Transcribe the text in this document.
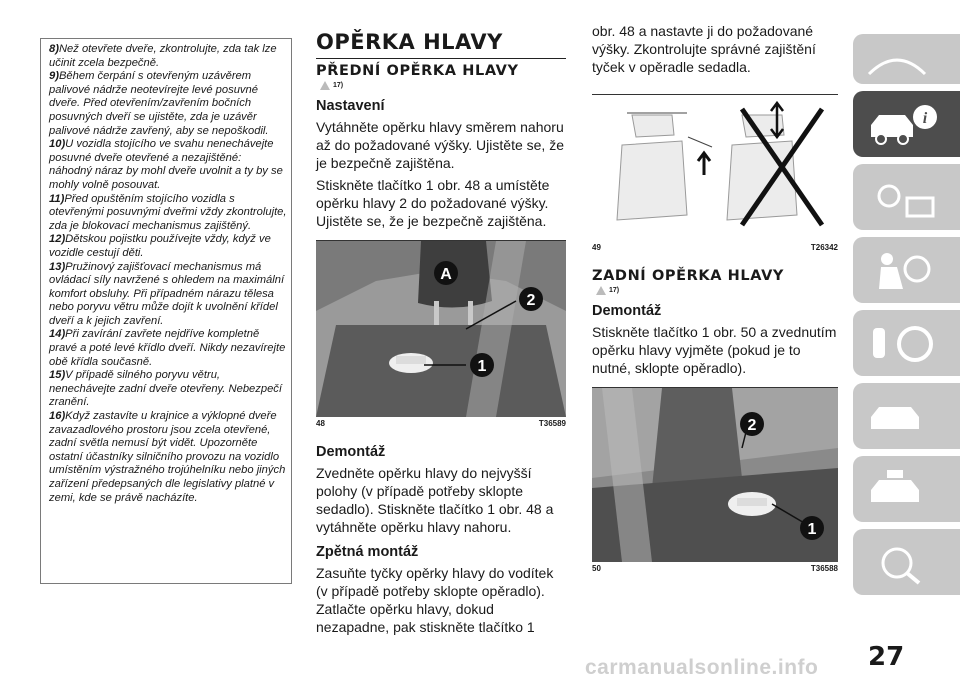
8)Než otevřete dveře, zkontrolujte, zda tak lze učinit zcela bezpečně.

9)Během čerpání s otevřeným uzávěrem palivové nádrže neotevírejte levé posuvné dveře. Před otevřením/zavřením bočních posuvných dveří se ujistěte, zda je uzávěr palivové nádrže zavřený, aby se nepoškodil.

10)U vozidla stojícího ve svahu nenechávejte posuvné dveře otevřené a nezajištěné: náhodný náraz by mohl dveře uvolnit a ty by se mohly volně posouvat.

11)Před opuštěním stojícího vozidla s otevřenými posuvnými dveřmi vždy zkontrolujte, zda je blokovací mechanismus zajištěný.

12)Dětskou pojistku používejte vždy, když ve vozidle cestují děti.

13)Pružinový zajišťovací mechanismus má ovládací síly navržené s ohledem na maximální komfort obsluhy. Při případném nárazu tělesa nebo poryvu větru může dojít k uvolnění křídel dveří a k jejich zavření.

14)Při zavírání zavřete nejdříve kompletně pravé a poté levé křídlo dveří. Nikdy nezavírejte obě křídla současně.

15)V případě silného poryvu větru, nenechávejte zadní dveře otevřeny. Nebezpečí zranění.

16)Když zastavíte u krajnice a výklopné dveře zavazadlového prostoru jsou zcela otevřené, zadní světla nemusí být vidět. Upozorněte ostatní účastníky silničního provozu na vozidlo umístěním výstražného trojúhelníku nebo jiných zařízení předepsaných dle legislativy platné v zemi, kde se právě nacházíte.

OPĚRKA HLAVY
PŘEDNÍ OPĚRKA HLAVY
17)
Nastavení

Vytáhněte opěrku hlavy směrem nahoru až do požadované výšky. Ujistěte se, že je bezpečně zajištěna.

Stiskněte tlačítko 1 obr. 48 a umístěte opěrku hlavy 2 do požadované výšky. Ujistěte se, že je bezpečně zajištěna.

A
2
1
48	T36589
Demontáž

Zvedněte opěrku hlavy do nejvyšší polohy (v případě potřeby sklopte sedadlo). Stiskněte tlačítko 1 obr. 48 a vytáhněte opěrku hlavy nahoru.

Zpětná montáž

Zasuňte tyčky opěrky hlavy do vodítek (v případě potřeby sklopte opěradlo). Zatlačte opěrku hlavy, dokud nezapadne, pak stiskněte tlačítko 1

obr. 48 a nastavte ji do požadované výšky. Zkontrolujte správné zajištění tyček v opěradle sedadla.

49	T26342
ZADNÍ OPĚRKA HLAVY
17)
Demontáž

Stiskněte tlačítko 1 obr. 50 a zvednutím opěrku hlavy vyjměte (pokud je to nutné, sklopte opěradlo).

2
1
50	T36588
i
27
carmanualsonline.info
